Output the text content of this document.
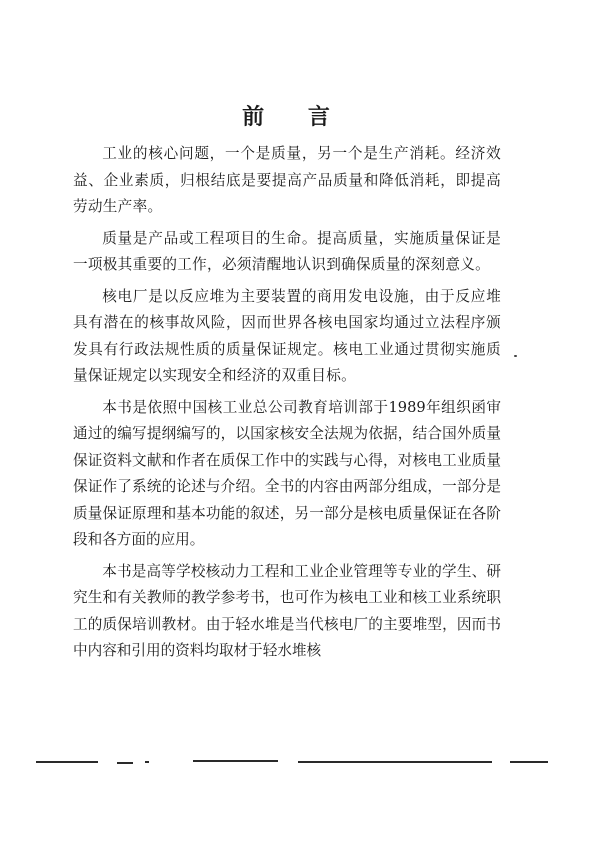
前 言

工业的核心问题，一个是质量，另一个是生产消耗。经济效益、企业素质，归根结底是要提高产品质量和降低消耗，即提高劳动生产率。

质量是产品或工程项目的生命。提高质量，实施质量保证是一项极其重要的工作，必须清醒地认识到确保质量的深刻意义。

核电厂是以反应堆为主要装置的商用发电设施，由于反应堆具有潜在的核事故风险，因而世界各核电国家均通过立法程序颁发具有行政法规性质的质量保证规定。核电工业通过贯彻实施质量保证规定以实现安全和经济的双重目标。

本书是依照中国核工业总公司教育培训部于1989年组织函审通过的编写提纲编写的，以国家核安全法规为依据，结合国外质量保证资料文献和作者在质保工作中的实践与心得，对核电工业质量保证作了系统的论述与介绍。全书的内容由两部分组成，一部分是质量保证原理和基本功能的叙述，另一部分是核电质量保证在各阶段和各方面的应用。

本书是高等学校核动力工程和工业企业管理等专业的学生、研究生和有关教师的教学参考书，也可作为核电工业和核工业系统职工的质保培训教材。由于轻水堆是当代核电厂的主要堆型，因而书中内容和引用的资料均取材于轻水堆核
